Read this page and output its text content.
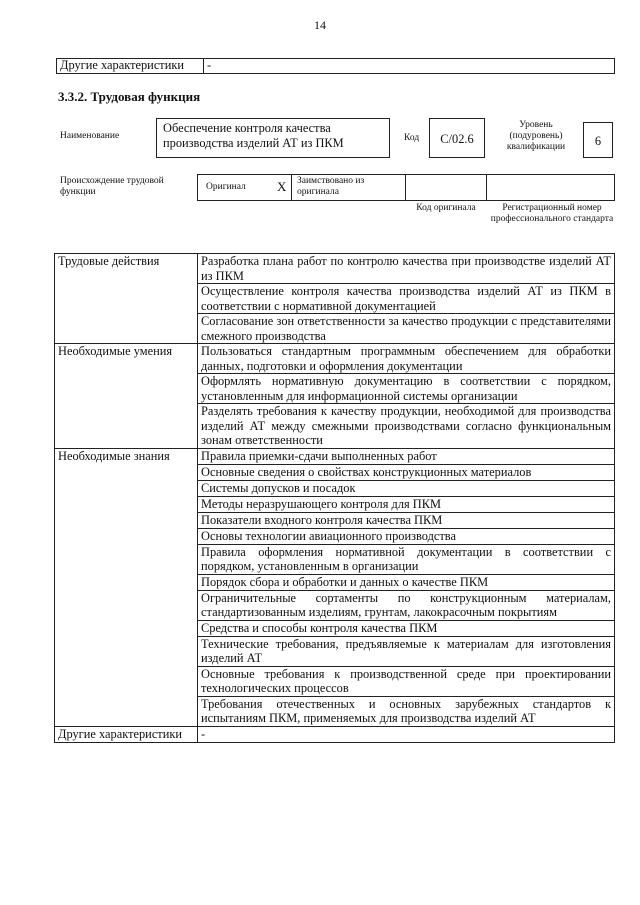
14
Другие характеристики	-
3.3.2. Трудовая функция
Наименование
Обеспечение контроля качества производства изделий АТ из ПКМ	Код	C/02.6
Уровень (подуровень) квалификации	6
Происхождение трудовой функции	Оригинал X Заимствовано из оригинала
Код оригинала	Регистрационный номер профессионального стандарта
Трудовые действия	Разработка плана работ по контролю качества при производстве изделий АТ из ПКМ
	Осуществление контроля качества производства изделий АТ из ПКМ в соответствии с нормативной документацией
	Согласование зон ответственности за качество продукции с представителями смежного производства
Необходимые умения	Пользоваться стандартным программным обеспечением для обработки данных, подготовки и оформления документации
	Оформлять нормативную документацию в соответствии с порядком, установленным для информационной системы организации
	Разделять требования к качеству продукции, необходимой для производства изделий АТ между смежными производствами согласно функциональным зонам ответственности
Необходимые знания	Правила приемки-сдачи выполненных работ
	Основные сведения о свойствах конструкционных материалов
	Системы допусков и посадок
	Методы неразрушающего контроля для ПКМ
	Показатели входного контроля качества ПКМ
	Основы технологии авиационного производства
	Правила оформления нормативной документации в соответствии с порядком, установленным в организации
	Порядок сбора и обработки и данных о качестве ПКМ
	Ограничительные сортаменты по конструкционным материалам, стандартизованным изделиям, грунтам, лакокрасочным покрытиям
	Средства и способы контроля качества ПКМ
	Технические требования, предъявляемые к материалам для изготовления изделий АТ
	Основные требования к производственной среде при проектировании технологических процессов
	Требования отечественных и основных зарубежных стандартов к испытаниям ПКМ, применяемых для производства изделий АТ
Другие характеристики	-
